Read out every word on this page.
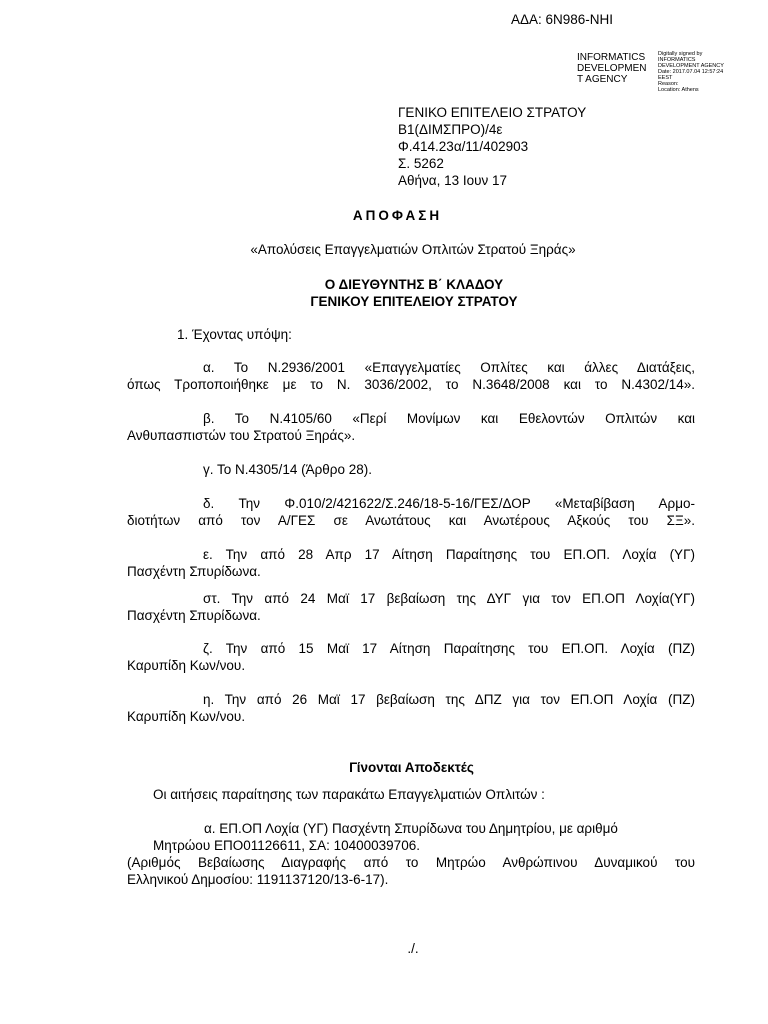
ΑΔΑ: 6Ν986-ΝΗΙ
INFORMATICS
DEVELOPMEN
T AGENCY
Digitally signed by
INFORMATICS
DEVELOPMENT AGENCY
Date: 2017.07.04 12:57:24
EEST
Reason:
Location: Athens
ΓΕΝΙΚΟ ΕΠΙΤΕΛΕΙΟ ΣΤΡΑΤΟΥ
Β1(ΔΙΜΣΠΡΟ)/4ε
Φ.414.23α/11/402903
Σ. 5262
Αθήνα, 13 Ιουν 17
ΑΠΟΦΑΣΗ
«Απολύσεις Επαγγελματιών Οπλιτών Στρατού Ξηράς»
Ο ΔΙΕΥΘΥΝΤΗΣ Β΄ ΚΛΑΔΟΥ
ΓΕΝΙΚΟΥ ΕΠΙΤΕΛΕΙΟΥ ΣΤΡΑΤΟΥ
1. Έχοντας υπόψη:
α. Το Ν.2936/2001 «Επαγγελματίες Οπλίτες και άλλες Διατάξεις,
όπως Τροποποιήθηκε με το Ν. 3036/2002, το Ν.3648/2008 και το Ν.4302/14».
β. Το Ν.4105/60 «Περί Μονίμων και Εθελοντών Οπλιτών και
Ανθυπασπιστών του Στρατού Ξηράς».
γ. Το Ν.4305/14 (Άρθρο 28).
δ. Την Φ.010/2/421622/Σ.246/18-5-16/ΓΕΣ/ΔΟΡ «Μεταβίβαση Αρμο-
διοτήτων από τον Α/ΓΕΣ σε Ανωτάτους και Ανωτέρους Αξκούς του ΣΞ».
ε. Την από 28 Απρ 17 Αίτηση Παραίτησης του ΕΠ.ΟΠ. Λοχία (ΥΓ)
Πασχέντη Σπυρίδωνα.
στ. Την από 24 Μαϊ 17 βεβαίωση της ΔΥΓ για τον ΕΠ.ΟΠ Λοχία(ΥΓ)
Πασχέντη Σπυρίδωνα.
ζ. Την από 15 Μαϊ 17 Αίτηση Παραίτησης του ΕΠ.ΟΠ. Λοχία (ΠΖ)
Καρυπίδη Κων/νου.
η. Την από 26 Μαϊ 17 βεβαίωση της ΔΠΖ για τον ΕΠ.ΟΠ Λοχία (ΠΖ)
Καρυπίδη Κων/νου.
Γίνονται Αποδεκτές
Οι αιτήσεις παραίτησης των παρακάτω Επαγγελματιών Οπλιτών :
α. ΕΠ.ΟΠ Λοχία (ΥΓ) Πασχέντη Σπυρίδωνα του Δημητρίου, με αριθμό
Μητρώου ΕΠΟ01126611, ΣΑ: 10400039706.
(Αριθμός Βεβαίωσης Διαγραφής από το Μητρώο Ανθρώπινου Δυναμικού του
Ελληνικού Δημοσίου: 1191137120/13-6-17).
./.
